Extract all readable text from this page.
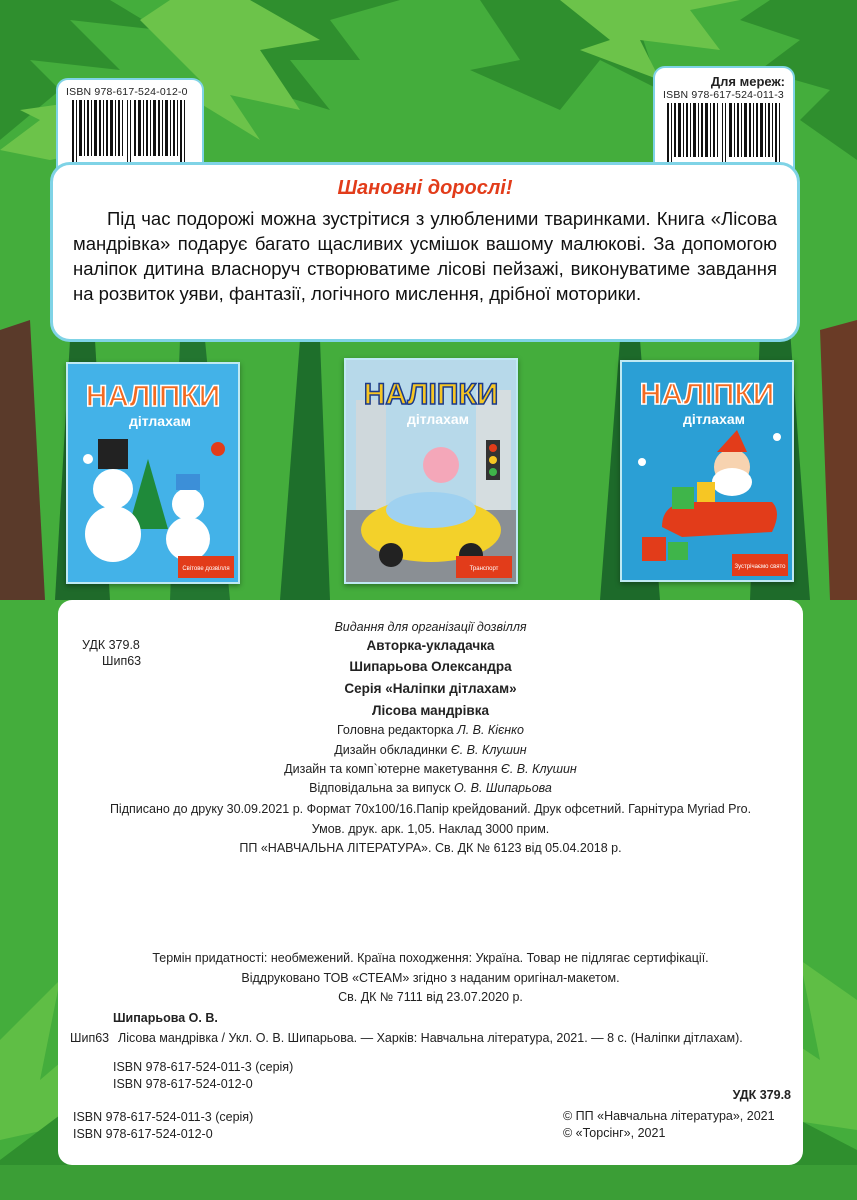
ISBN 978-617-524-012-0
Для мереж:
ISBN 978-617-524-011-3

Шановні дорослі!

Під час подорожі можна зустрітися з улюбленими тваринками. Книга «Лісова мандрівка» подарує багато щасливих усмішок вашому малюкові. За допомогою наліпок дитина власноруч створюватиме лісові пейзажі, виконуватиме завдання на розвиток уяви, фантазії, логічного мислення, дрібної моторики.

НАЛІПКИ
дітлахам
Світове дозвілля
НАЛІПКИ
дітлахам
Транспорт
НАЛІПКИ
дітлахам
Зустрічаємо свято
Видання для організації дозвілля
УДК 379.8
Шип63
Авторка-укладачка
Шипарьова Олександра
Серія «Наліпки дітлахам»
Лісова мандрівка
Головна редакторка Л. В. Кієнко
Дизайн обкладинки Є. В. Клушин
Дизайн та комп`ютерне макетування Є. В. Клушин
Відповідальна за випуск О. В. Шипарьова
Підписано до друку 30.09.2021 р. Формат 70х100/16.Папір крейдований. Друк офсетний. Гарнітура Myriad Pro.
Умов. друк. арк. 1,05. Наклад 3000 прим.
ПП «НАВЧАЛЬНА ЛІТЕРАТУРА». Св. ДК № 6123 від 05.04.2018 р.
Термін придатності: необмежений. Країна походження: Україна. Товар не підлягає сертифікації.
Віддруковано ТОВ «СТЕАМ» згідно з наданим оригінал-макетом.
Св. ДК № 7111 від 23.07.2020 р.
Шипарьова О. В.
Шип63 Лісова мандрівка / Укл. О. В. Шипарьова. — Харків: Навчальна література, 2021. — 8 с. (Наліпки дітлахам).
ISBN 978-617-524-011-3 (серія)
ISBN 978-617-524-012-0
УДК 379.8
ISBN 978-617-524-011-3 (серія)
ISBN 978-617-524-012-0
© ПП «Навчальна література», 2021
© «Торсінг», 2021
